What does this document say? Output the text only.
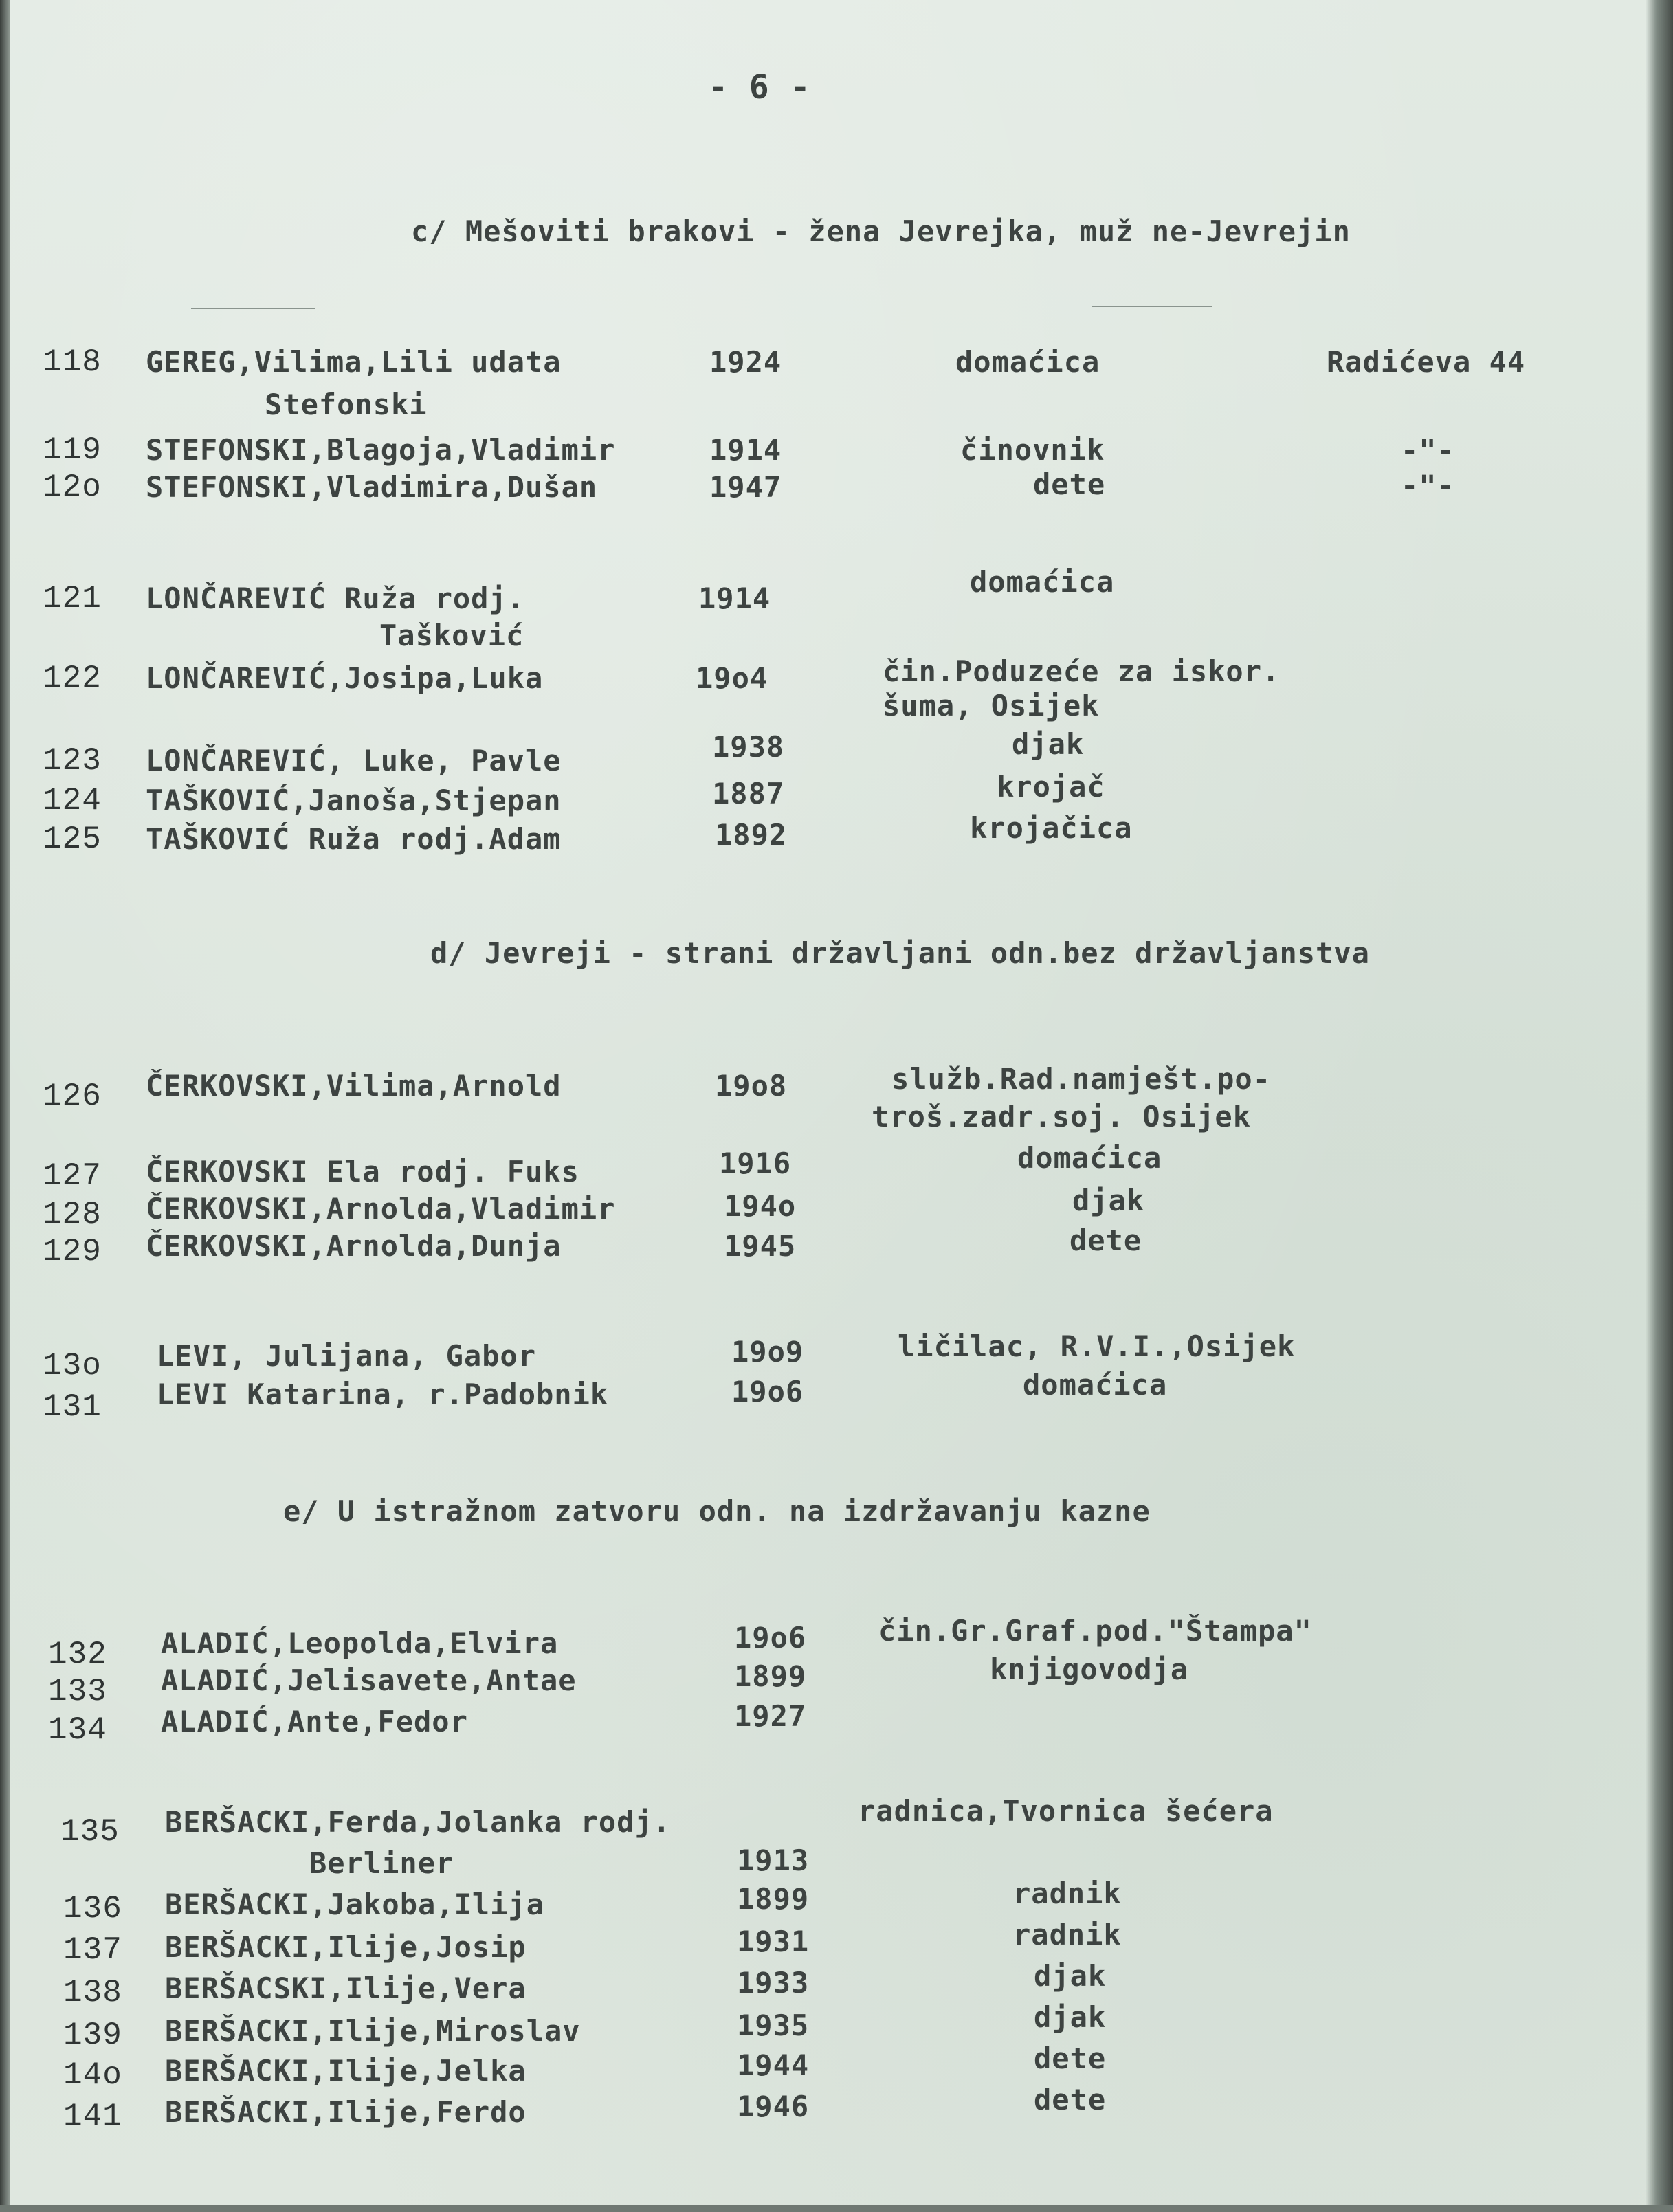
- 6 -
c/ Mešoviti brakovi - žena Jevrejka, muž ne-Jevrejin
118 GEREG,Vilima,Lili udata
Stefonski
1924	domaćica	Radićeva 44
119 STEFONSKI,Blagoja,Vladimir	1914	činovnik	-"-
12o STEFONSKI,Vladimira,Dušan	1947	dete	-"-
121 LONČAREVIĆ Ruža rodj.
Tašković
1914	domaćica
122 LONČAREVIĆ,Josipa,Luka	19o4	čin.Poduzeće za iskor.
šuma, Osijek
123 LONČAREVIĆ, Luke, Pavle	1938	djak
124 TAŠKOVIĆ,Janoša,Stjepan	1887	krojač
125 TAŠKOVIĆ Ruža rodj.Adam	1892	krojačica
d/ Jevreji - strani državljani odn.bez državljanstva
126 ČERKOVSKI,Vilima,Arnold	19o8	služb.Rad.namješt.po-
troš.zadr.soj. Osijek
127 ČERKOVSKI Ela rodj. Fuks	1916	domaćica
128 ČERKOVSKI,Arnolda,Vladimir	194o	djak
129 ČERKOVSKI,Arnolda,Dunja	1945	dete
13o LEVI, Julijana, Gabor	19o9	ličilac, R.V.I.,Osijek
131 LEVI Katarina, r.Padobnik	19o6	domaćica
e/ U istražnom zatvoru odn. na izdržavanju kazne
132 ALADIĆ,Leopolda,Elvira	19o6 čin.Gr.Graf.pod."Štampa"
133 ALADIĆ,Jelisavete,Antae	1899	knjigovodja
134 ALADIĆ,Ante,Fedor	1927
135 BERŠACKI,Ferda,Jolanka rodj.
Berliner	1913
radnica,Tvornica šećera
136 BERŠACKI,Jakoba,Ilija	1899	radnik
137 BERŠACKI,Ilije,Josip	1931	radnik
138 BERŠACSKI,Ilije,Vera	1933	djak
139 BERŠACKI,Ilije,Miroslav	1935	djak
14o BERŠACKI,Ilije,Jelka	1944	dete
141 BERŠACKI,Ilije,Ferdo	1946	dete
